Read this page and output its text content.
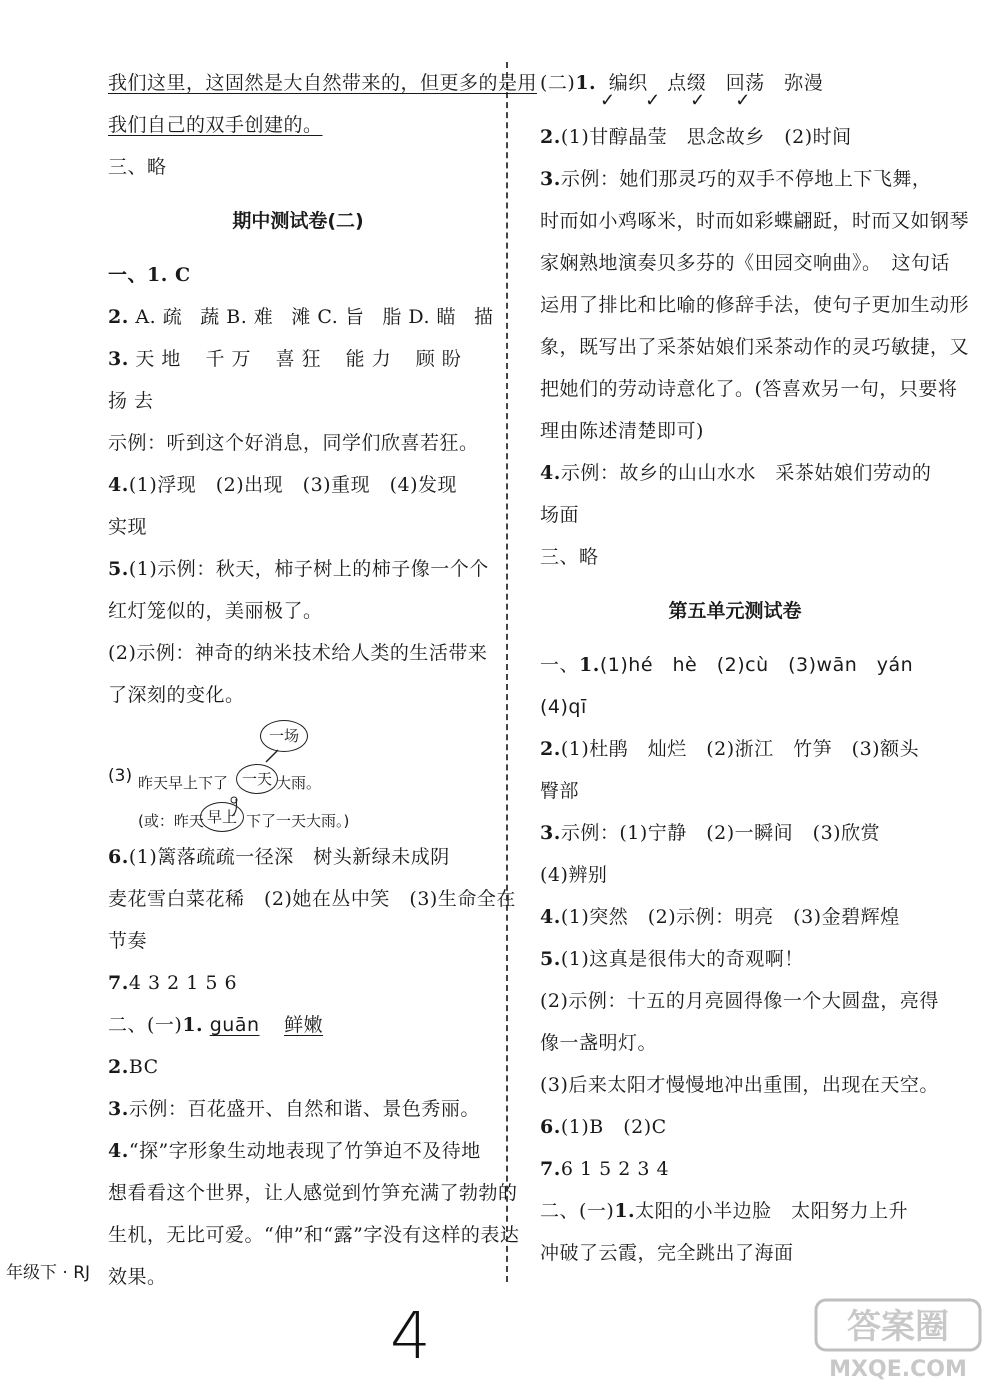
我们这里，这固然是大自然带来的，但更多的是用
我们自己的双手创建的。
三、略
期中测试卷(二)
一、1. C
2. A. 疏 蔬 B. 难 滩 C. 旨 脂 D. 瞄 描
3. 天 地 千 万 喜 狂 能 力 顾 盼
扬 去
示例：听到这个好消息，同学们欣喜若狂。
4.(1)浮现　(2)出现　(3)重现　(4)发现
实现
5.(1)示例：秋天，柿子树上的柿子像一个个
红灯笼似的，美丽极了。
(2)示例：神奇的纳米技术给人类的生活带来
了深刻的变化。
(3)
一场
昨天早上下了 一天 大雨。
(或：昨天 早上 下了一天大雨。)
6.(1)篱落疏疏一径深　树头新绿未成阴
麦花雪白菜花稀　(2)她在丛中笑　(3)生命全在
节奏
7.4 3 2 1 5 6
二、(一)1. guān 鲜嫩
2.BC
3.示例：百花盛开、自然和谐、景色秀丽。
4.“探”字形象生动地表现了竹笋迫不及待地
想看看这个世界，让人感觉到竹笋充满了勃勃的
生机，无比可爱。“伸”和“露”字没有这样的表达
效果。
(二)1. 编织　点缀　回荡　弥漫
✓✓✓✓
2.(1)甘醇晶莹　思念故乡　(2)时间
3.示例：她们那灵巧的双手不停地上下飞舞，
时而如小鸡啄米，时而如彩蝶翩跹，时而又如钢琴
家娴熟地演奏贝多芬的《田园交响曲》。　这句话
运用了排比和比喻的修辞手法，使句子更加生动形
象，既写出了采茶姑娘们采茶动作的灵巧敏捷，又
把她们的劳动诗意化了。(答喜欢另一句，只要将
理由陈述清楚即可)
4.示例：故乡的山山水水　采茶姑娘们劳动的
场面
三、略
第五单元测试卷
一、1.(1)hé　hè　(2)cù　(3)wān　yán
(4)qī
2.(1)杜鹃　灿烂　(2)浙江　竹笋　(3)额头
臀部
3.示例：(1)宁静　(2)一瞬间　(3)欣赏
(4)辨别
4.(1)突然　(2)示例：明亮　(3)金碧辉煌
5.(1)这真是很伟大的奇观啊！
(2)示例：十五的月亮圆得像一个大圆盘，亮得
像一盏明灯。
(3)后来太阳才慢慢地冲出重围，出现在天空。
6.(1)B　(2)C
7.6 1 5 2 3 4
二、(一)1.太阳的小半边脸　太阳努力上升
冲破了云霞，完全跳出了海面
年级下 · RJ
4	答案圈
MXQE.COM
